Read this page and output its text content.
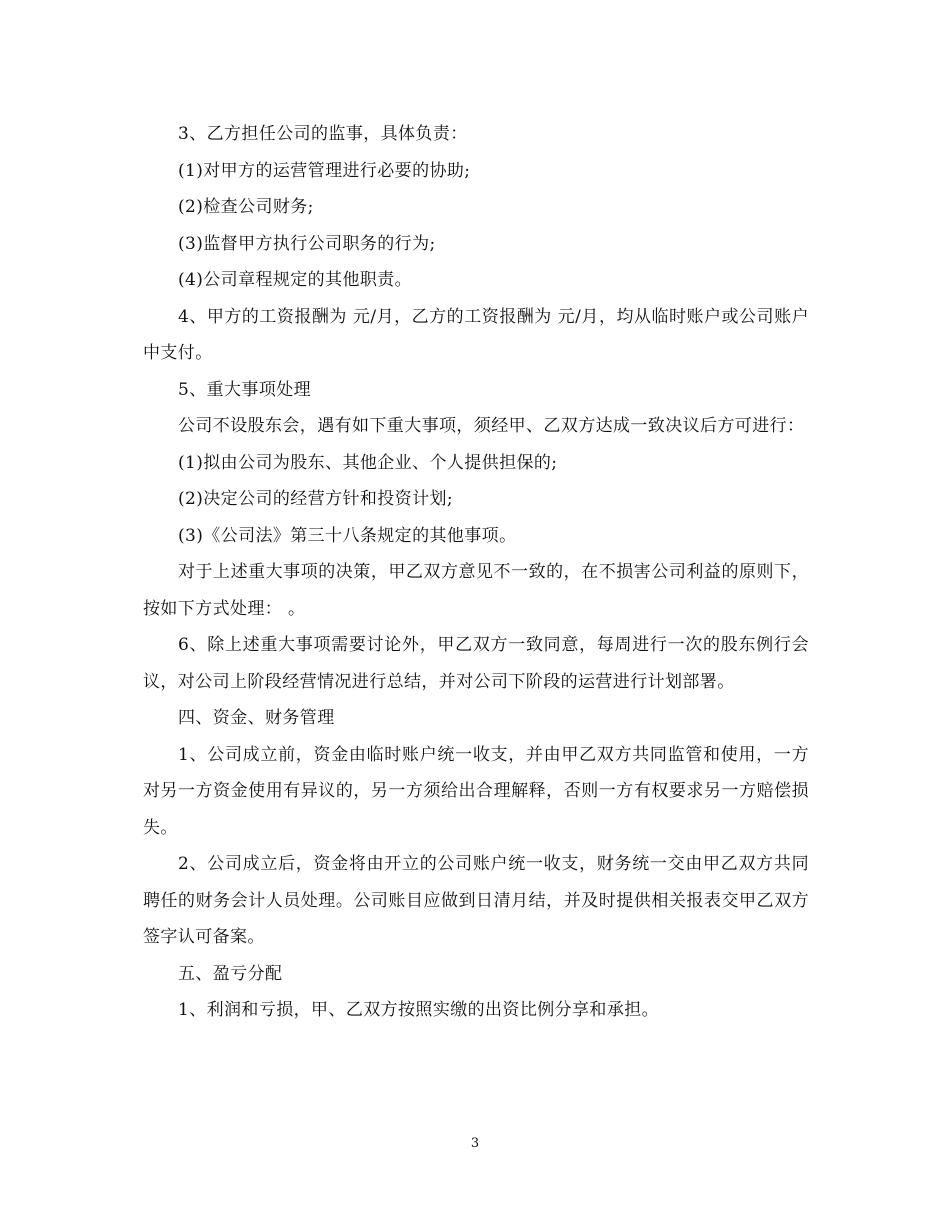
3、乙方担任公司的监事，具体负责：

(1)对甲方的运营管理进行必要的协助;

(2)检查公司财务;

(3)监督甲方执行公司职务的行为;

(4)公司章程规定的其他职责。

4、甲方的工资报酬为 元/月，乙方的工资报酬为 元/月，均从临时账户或公司账户中支付。

5、重大事项处理

公司不设股东会，遇有如下重大事项，须经甲、乙双方达成一致决议后方可进行：

(1)拟由公司为股东、其他企业、个人提供担保的;

(2)决定公司的经营方针和投资计划;

(3)《公司法》第三十八条规定的其他事项。

对于上述重大事项的决策，甲乙双方意见不一致的，在不损害公司利益的原则下，按如下方式处理： 。

6、除上述重大事项需要讨论外，甲乙双方一致同意，每周进行一次的股东例行会议，对公司上阶段经营情况进行总结，并对公司下阶段的运营进行计划部署。

四、资金、财务管理

1、公司成立前，资金由临时账户统一收支，并由甲乙双方共同监管和使用，一方对另一方资金使用有异议的，另一方须给出合理解释，否则一方有权要求另一方赔偿损失。

2、公司成立后，资金将由开立的公司账户统一收支，财务统一交由甲乙双方共同聘任的财务会计人员处理。公司账目应做到日清月结，并及时提供相关报表交甲乙双方签字认可备案。

五、盈亏分配

1、利润和亏损，甲、乙双方按照实缴的出资比例分享和承担。

3
